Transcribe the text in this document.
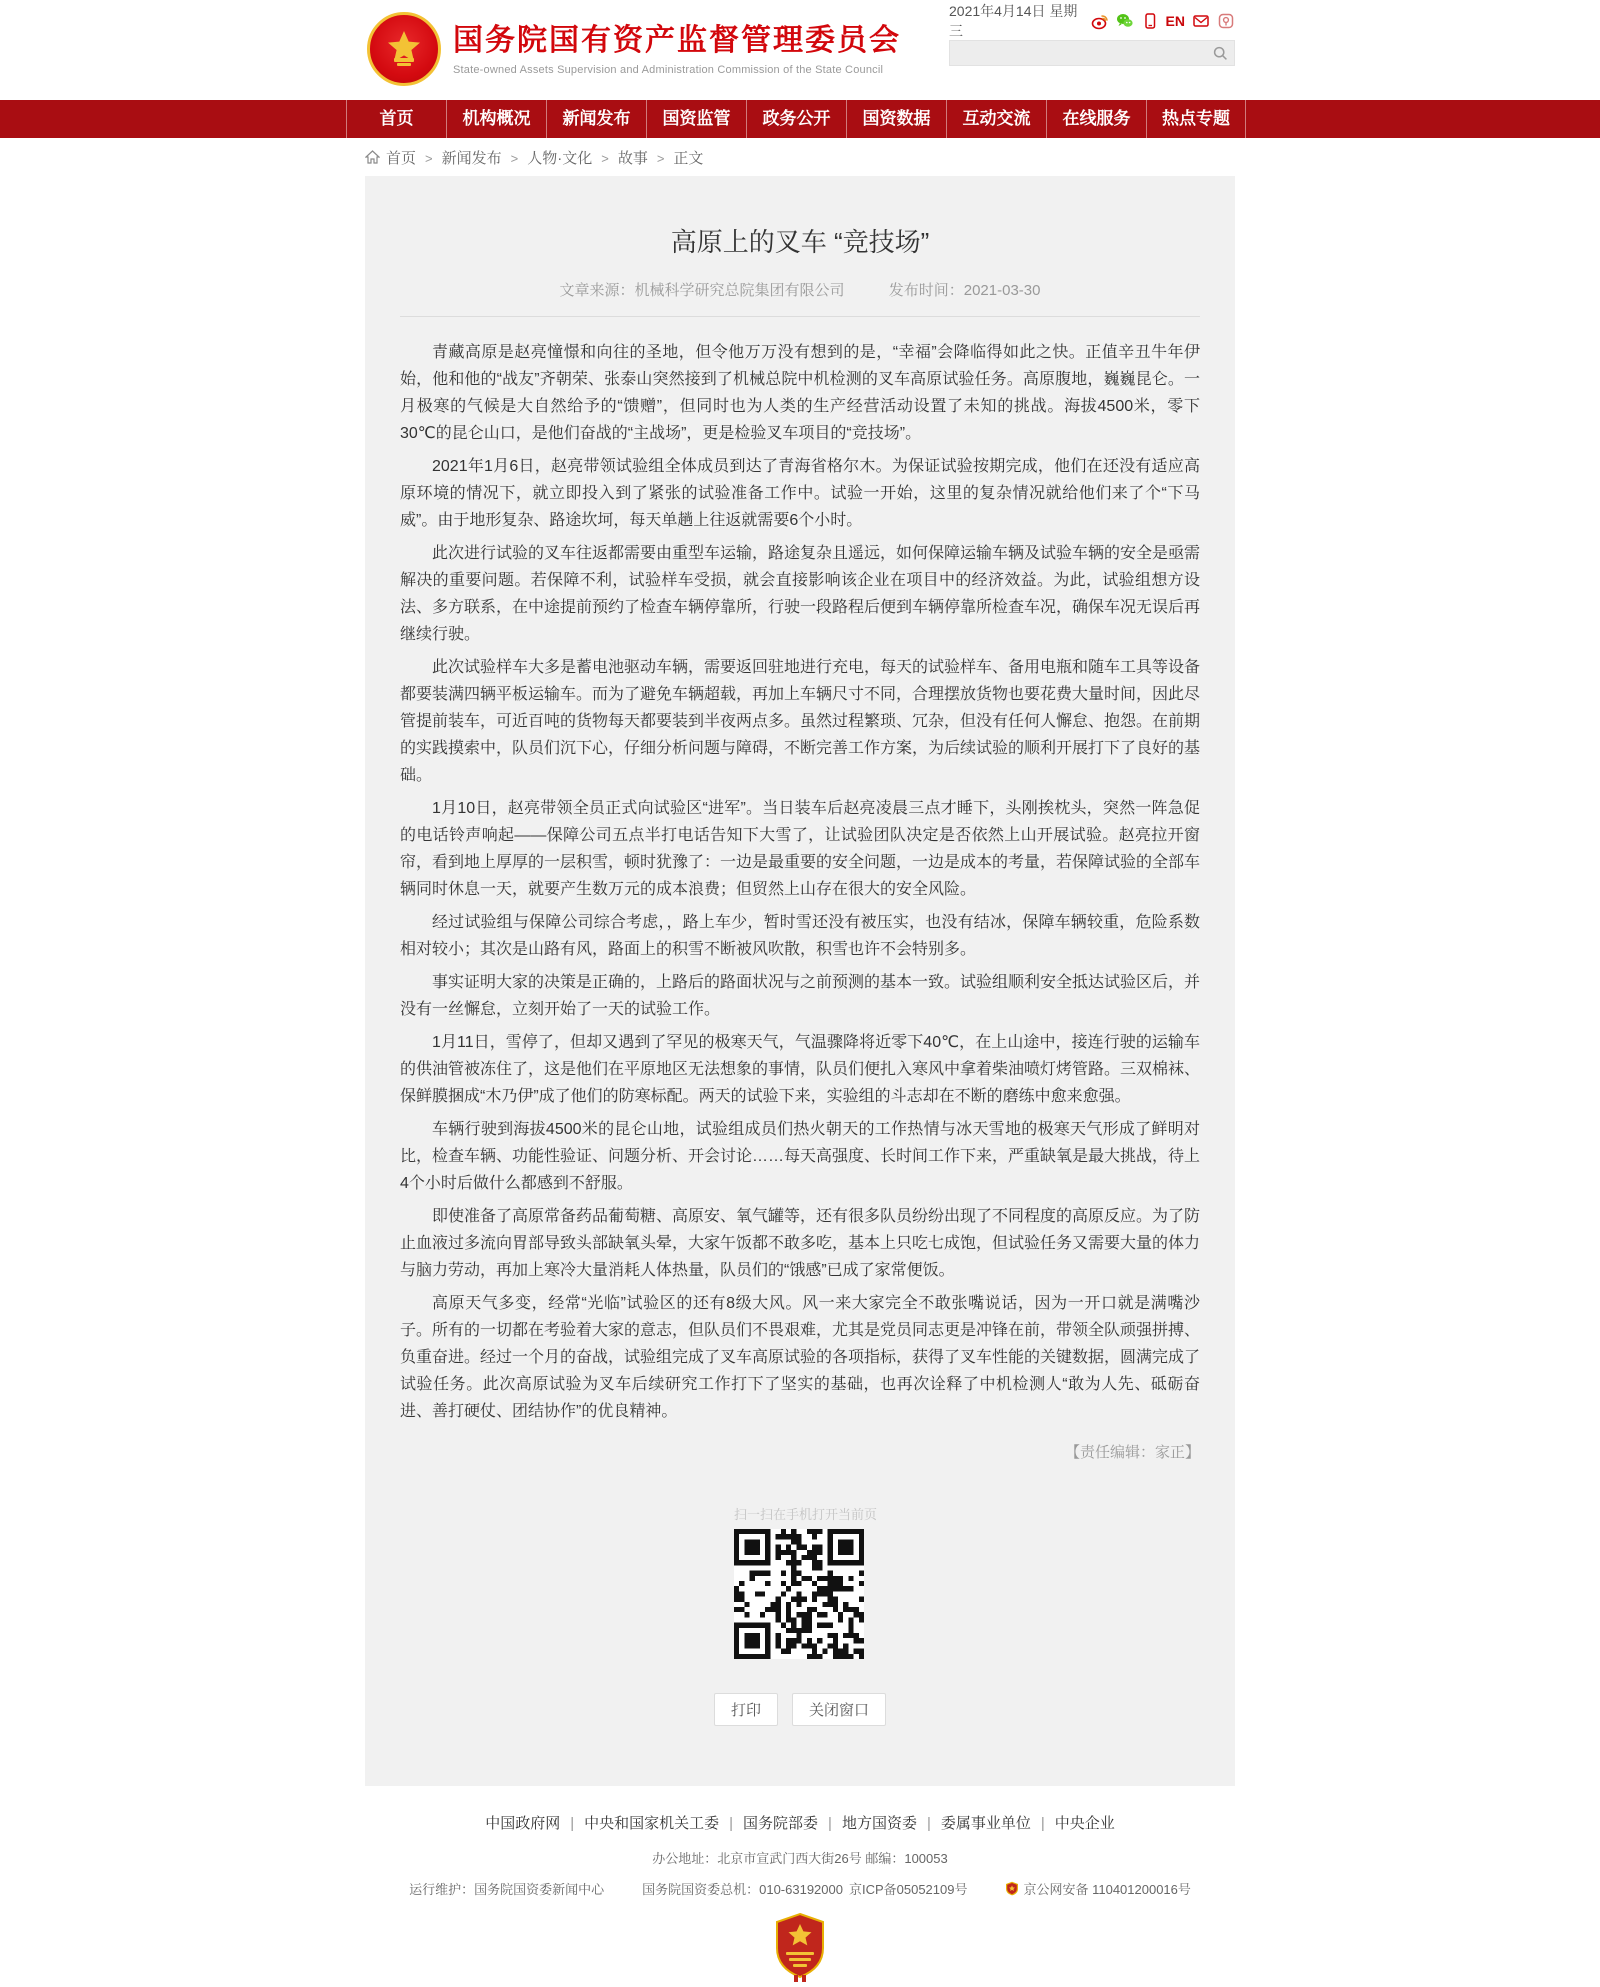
国务院国有资产监督管理委员会
State-owned Assets Supervision and Administration Commission of the State Council
2021年4月14日 星期三
EN
首页	机构概况	新闻发布	国资监管	政务公开	国资数据	互动交流	在线服务	热点专题
首页	> 新闻发布	> 人物·文化	> 故事	> 正文
高原上的叉车 “竞技场”
文章来源：机械科学研究总院集团有限公司	发布时间：2021-03-30

青藏高原是赵亮憧憬和向往的圣地，但令他万万没有想到的是，“幸福”会降临得如此之快。正值辛丑牛年伊始，他和他的“战友”齐朝荣、张泰山突然接到了机械总院中机检测的叉车高原试验任务。高原腹地，巍巍昆仑。一月极寒的气候是大自然给予的“馈赠”，但同时也为人类的生产经营活动设置了未知的挑战。海拔4500米，零下30℃的昆仑山口，是他们奋战的“主战场”，更是检验叉车项目的“竞技场”。

2021年1月6日，赵亮带领试验组全体成员到达了青海省格尔木。为保证试验按期完成，他们在还没有适应高原环境的情况下，就立即投入到了紧张的试验准备工作中。试验一开始，这里的复杂情况就给他们来了个“下马威”。由于地形复杂、路途坎坷，每天单趟上往返就需要6个小时。

此次进行试验的叉车往返都需要由重型车运输，路途复杂且遥远，如何保障运输车辆及试验车辆的安全是亟需解决的重要问题。若保障不利，试验样车受损，就会直接影响该企业在项目中的经济效益。为此，试验组想方设法、多方联系，在中途提前预约了检查车辆停靠所，行驶一段路程后便到车辆停靠所检查车况，确保车况无误后再继续行驶。

此次试验样车大多是蓄电池驱动车辆，需要返回驻地进行充电，每天的试验样车、备用电瓶和随车工具等设备都要装满四辆平板运输车。而为了避免车辆超载，再加上车辆尺寸不同，合理摆放货物也要花费大量时间，因此尽管提前装车，可近百吨的货物每天都要装到半夜两点多。虽然过程繁琐、冗杂，但没有任何人懈怠、抱怨。在前期的实践摸索中，队员们沉下心，仔细分析问题与障碍，不断完善工作方案，为后续试验的顺利开展打下了良好的基础。

1月10日，赵亮带领全员正式向试验区“进军”。当日装车后赵亮凌晨三点才睡下，头刚挨枕头，突然一阵急促的电话铃声响起——保障公司五点半打电话告知下大雪了，让试验团队决定是否依然上山开展试验。赵亮拉开窗帘，看到地上厚厚的一层积雪，顿时犹豫了：一边是最重要的安全问题，一边是成本的考量，若保障试验的全部车辆同时休息一天，就要产生数万元的成本浪费；但贸然上山存在很大的安全风险。

经过试验组与保障公司综合考虑，，路上车少，暂时雪还没有被压实，也没有结冰，保障车辆较重，危险系数相对较小；其次是山路有风，路面上的积雪不断被风吹散，积雪也许不会特别多。

事实证明大家的决策是正确的，上路后的路面状况与之前预测的基本一致。试验组顺利安全抵达试验区后，并没有一丝懈怠，立刻开始了一天的试验工作。

1月11日，雪停了，但却又遇到了罕见的极寒天气，气温骤降将近零下40℃，在上山途中，接连行驶的运输车的供油管被冻住了，这是他们在平原地区无法想象的事情，队员们便扎入寒风中拿着柴油喷灯烤管路。三双棉袜、保鲜膜捆成“木乃伊”成了他们的防寒标配。两天的试验下来，实验组的斗志却在不断的磨练中愈来愈强。

车辆行驶到海拔4500米的昆仑山地，试验组成员们热火朝天的工作热情与冰天雪地的极寒天气形成了鲜明对比，检查车辆、功能性验证、问题分析、开会讨论……每天高强度、长时间工作下来，严重缺氧是最大挑战，待上4个小时后做什么都感到不舒服。

即使准备了高原常备药品葡萄糖、高原安、氧气罐等，还有很多队员纷纷出现了不同程度的高原反应。为了防止血液过多流向胃部导致头部缺氧头晕，大家午饭都不敢多吃，基本上只吃七成饱，但试验任务又需要大量的体力与脑力劳动，再加上寒冷大量消耗人体热量，队员们的“饿感”已成了家常便饭。

高原天气多变，经常“光临”试验区的还有8级大风。风一来大家完全不敢张嘴说话，因为一开口就是满嘴沙子。所有的一切都在考验着大家的意志，但队员们不畏艰难，尤其是党员同志更是冲锋在前，带领全队顽强拼搏、负重奋进。经过一个月的奋战，试验组完成了叉车高原试验的各项指标，获得了叉车性能的关键数据，圆满完成了试验任务。此次高原试验为叉车后续研究工作打下了坚实的基础，也再次诠释了中机检测人“敢为人先、砥砺奋进、善打硬仗、团结协作”的优良精神。

【责任编辑：家正】
扫一扫在手机打开当前页
打印	关闭窗口
中国政府网	| 中央和国家机关工委	| 国务院部委	| 地方国资委	| 委属事业单位	| 中央企业
办公地址：北京市宣武门西大街26号 邮编：100053
运行维护：国务院国资委新闻中心	国务院国资委总机：010-63192000 京ICP备05052109号	京公网安备 110401200016号
